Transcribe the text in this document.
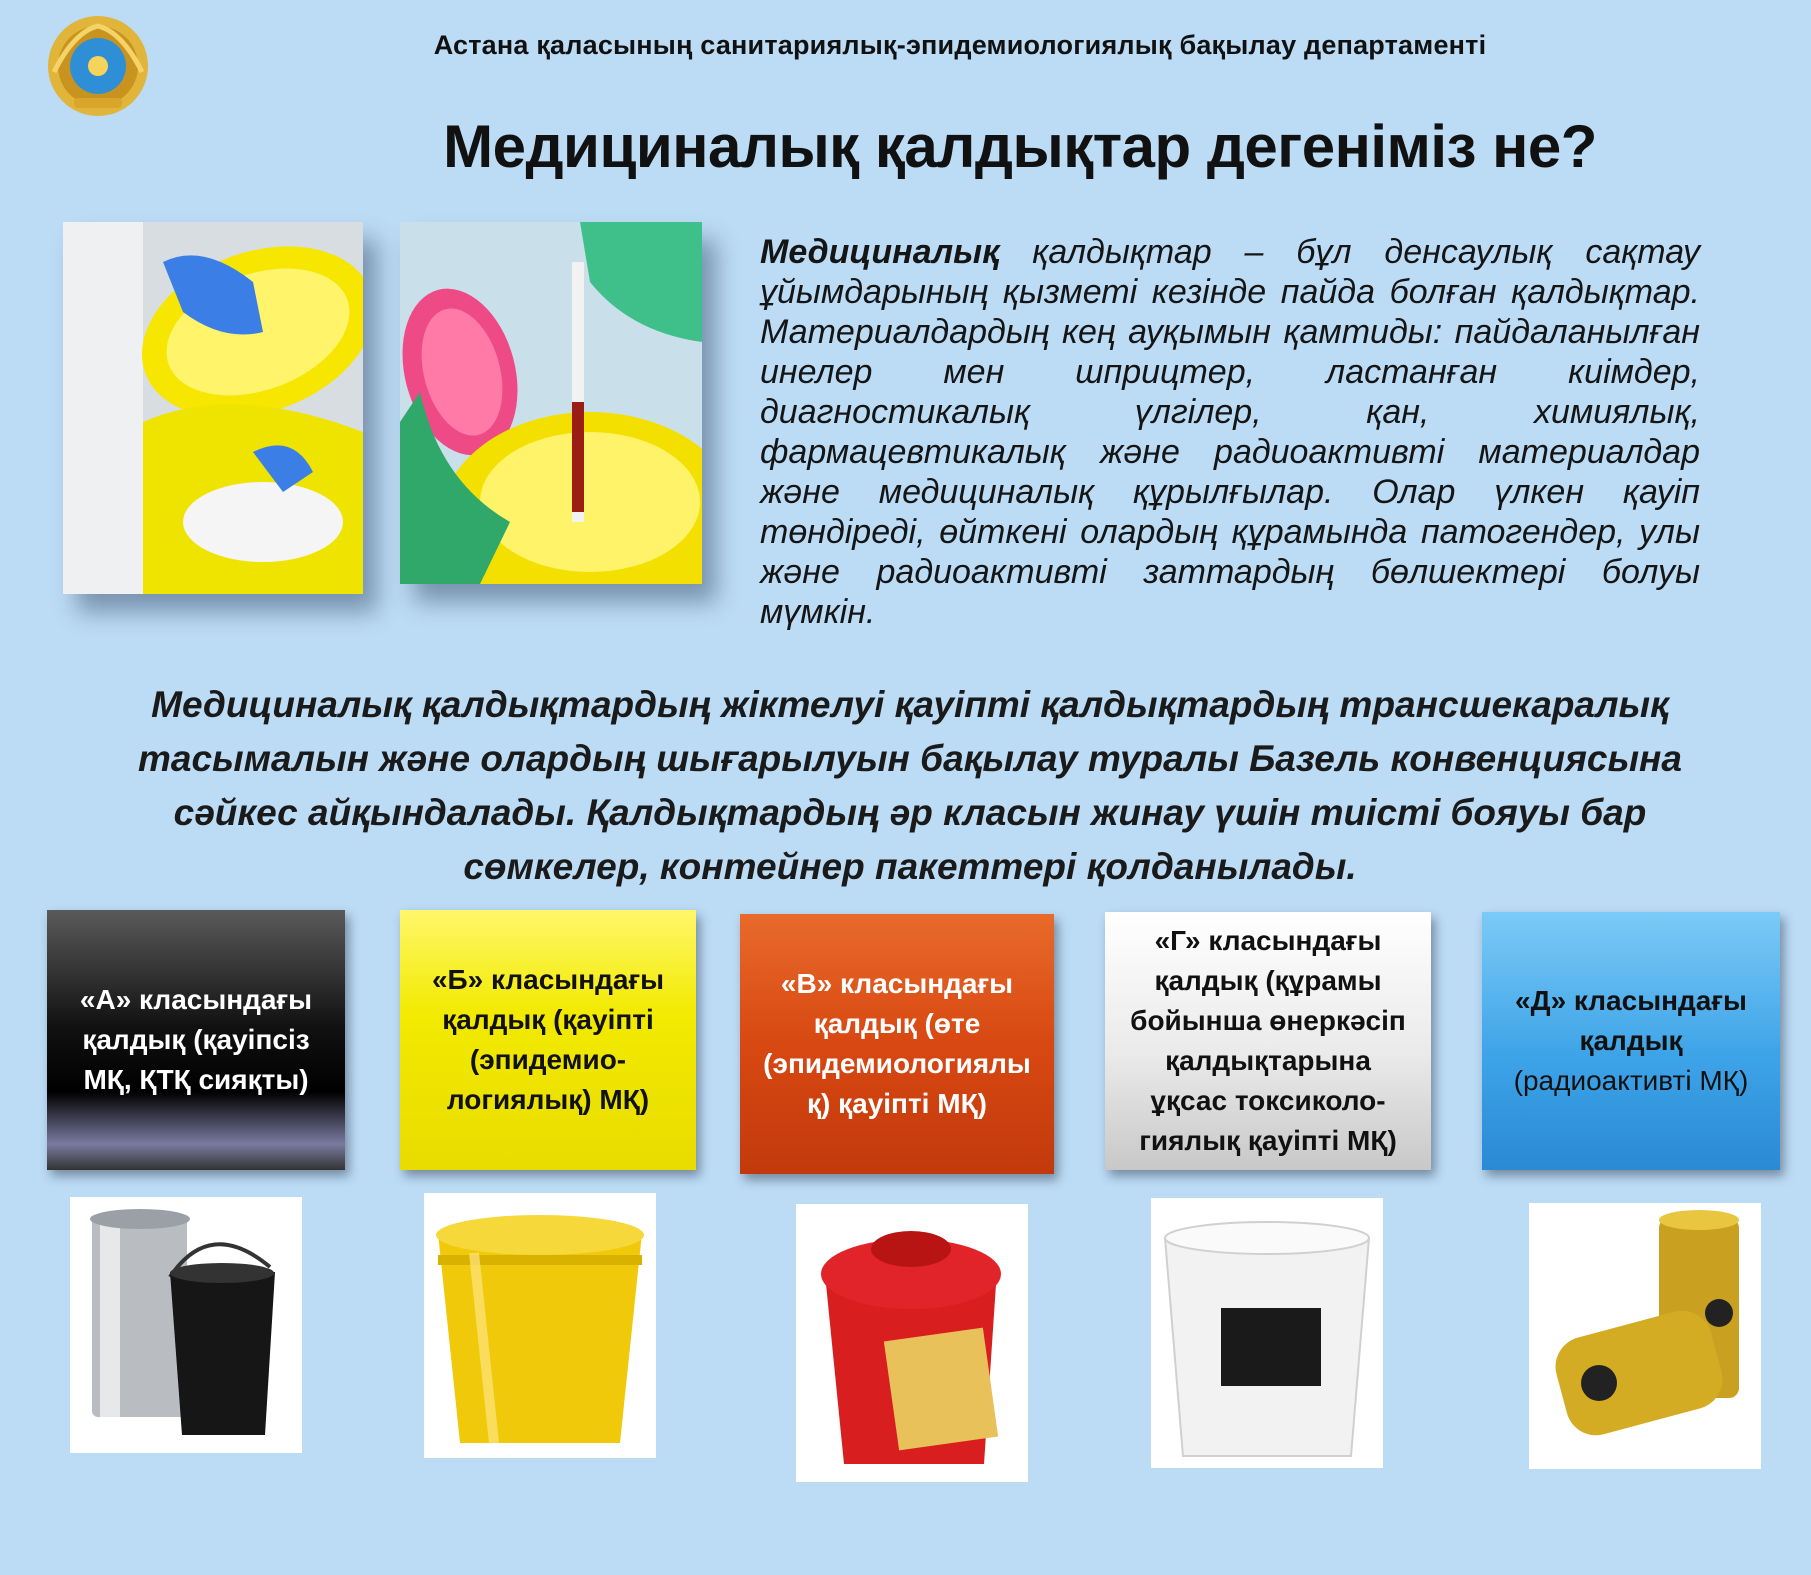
Астана қаласының санитариялық-эпидемиологиялық бақылау департаменті
Медициналық қалдықтар дегеніміз не?
Медициналық қалдықтар – бұл денсаулық сақтау ұйымдарының қызметі кезінде пайда болған қалдықтар. Материалдардың кең ауқымын қамтиды: пайдаланылған инелер мен шприцтер, ластанған киімдер, диагностикалық үлгілер, қан, химиялық, фармацевтикалық және радиоактивті материалдар және медициналық құрылғылар. Олар үлкен қауіп төндіреді, өйткені олардың құрамында патогендер, улы және радиоактивті заттардың бөлшектері болуы мүмкін.
Медициналық қалдықтардың жіктелуі қауіпті қалдықтардың трансшекаралық тасымалын және олардың шығарылуын бақылау туралы Базель конвенциясына сәйкес айқындалады. Қалдықтардың әр класын жинау үшін тиісті бояуы бар сөмкелер, контейнер пакеттері қолданылады.
«А» класындағы қалдық (қауіпсіз МҚ, ҚТҚ сияқты)
«Б» класындағы қалдық (қауіпті (эпидемио-логиялық) МҚ)
«В» класындағы қалдық (өте (эпидемиологиялы қ) қауіпті МҚ)
«Г» класындағы қалдық (құрамы бойынша өнеркәсіп қалдықтарына ұқсас токсиколо-гиялық қауіпті МҚ)
«Д» класындағы қалдық (радиоактивті МҚ)
